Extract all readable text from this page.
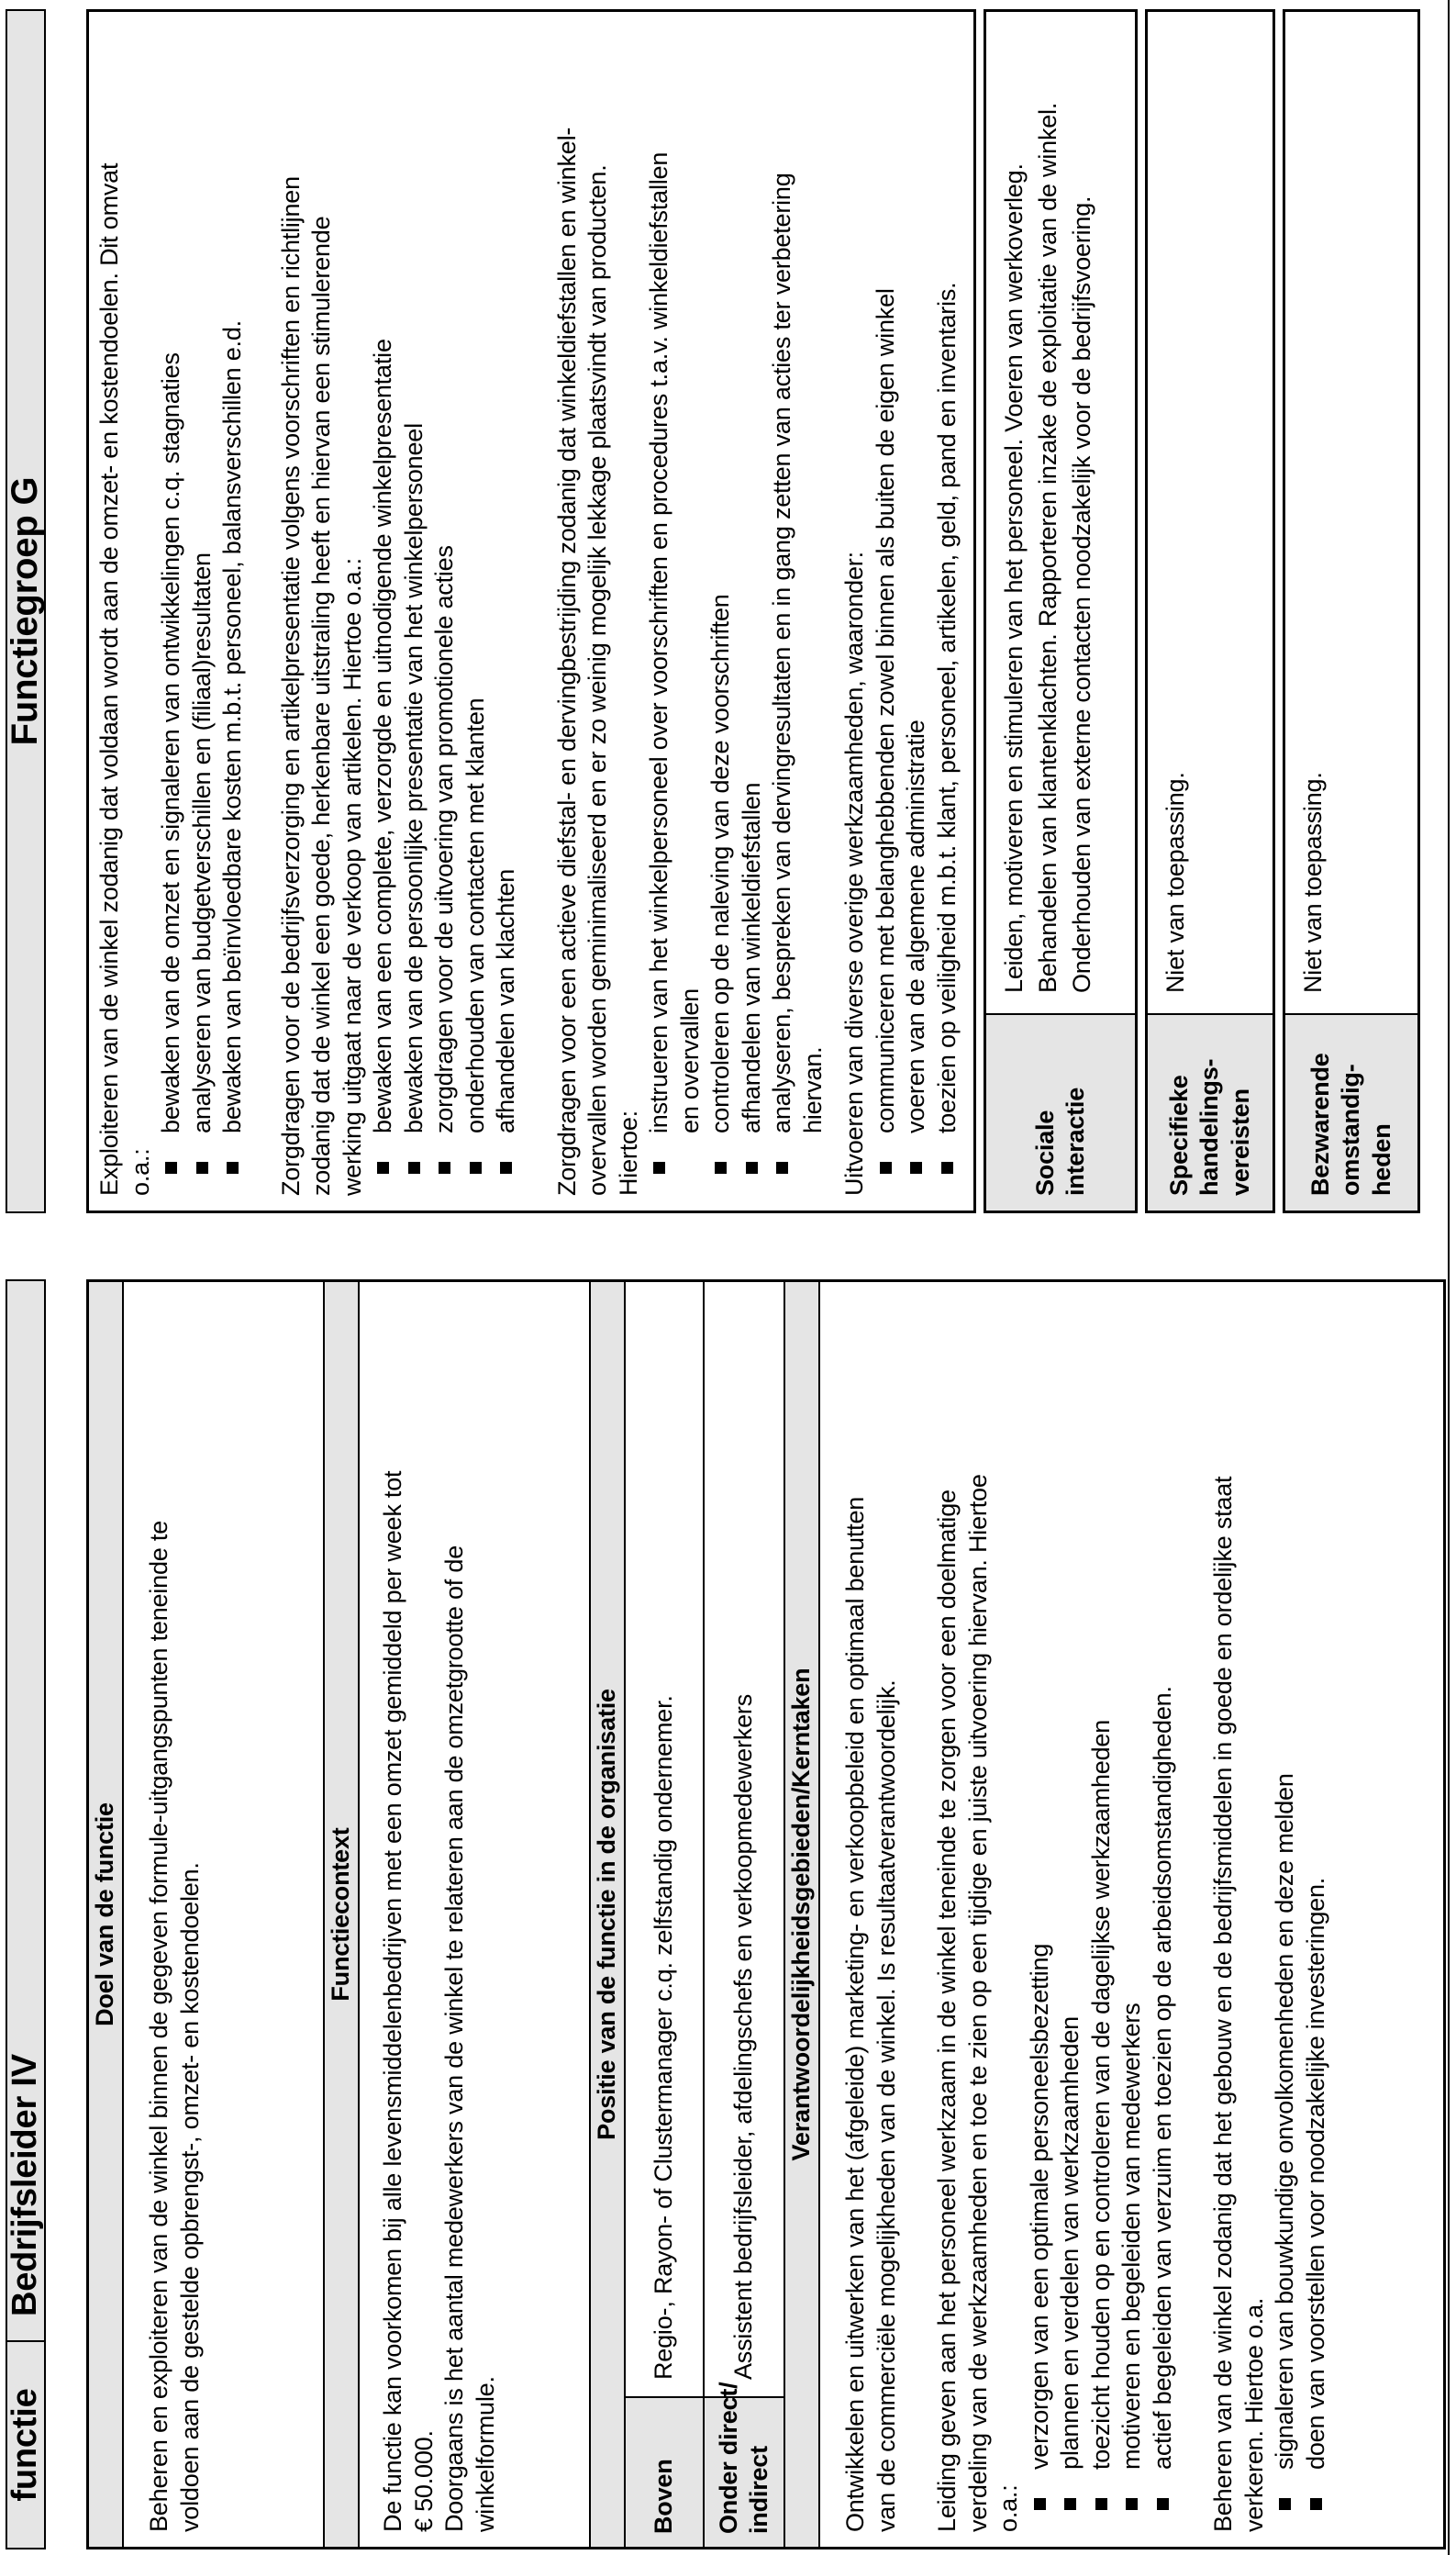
functie
Bedrijfsleider IV
Functiegroep G
Doel van de functie Beheren en exploiteren van de winkel binnen de gegeven formule-uitgangspunten teneinde te voldoen aan de gestelde opbrengst-, omzet- en kostendoelen.	Functiecontext De functie kan voorkomen bij alle levensmiddelenbedrijven met een omzet gemiddeld per week tot € 50.000. Doorgaans is het aantal medewerkers van de winkel te relateren aan de omzetgrootte of de winkelformule.
Positie van de functie in de organisatie
Boven
Regio-, Rayon- of Clustermanager c.q. zelfstandig ondernemer.
Onder direct/ indirect
Assistent bedrijfsleider, afdelingschefs en verkoopmedewerkers	Verantwoordelijkheidsgebieden/Kerntaken Ontwikkelen en uitwerken van het (afgeleide) marketing- en verkoopbeleid en optimaal benutten van de commerciële mogelijkheden van de winkel. Is resultaatverantwoordelijk. Leiding geven aan het personeel werkzaam in de winkel teneinde te zorgen voor een doelmatige verdeling van de werkzaamheden en toe te zien op een tijdige en juiste uitvoering hiervan. Hiertoe o.a.:
verzorgen van een optimale personeelsbezetting plannen en verdelen van werkzaamheden toezicht houden op en controleren van de dagelijkse werkzaamheden motiveren en begeleiden van medewerkers actief begeleiden van verzuim en toezien op de arbeidsomstandigheden. Beheren van de winkel zodanig dat het gebouw en de bedrijfsmiddelen in goede en ordelijke staat verkeren. Hiertoe o.a. signaleren van bouwkundige onvolkomenheden en deze melden doen van voorstellen voor noodzakelijke investeringen.
Exploiteren van de winkel zodanig dat voldaan wordt aan de omzet- en kostendoelen. Dit omvat o.a.:
bewaken van de omzet en signaleren van ontwikkelingen c.q. stagnaties analyseren van budgetverschillen en (filiaal)resultaten bewaken van beïnvloedbare kosten m.b.t. personeel, balansverschillen e.d. Zorgdragen voor de bedrijfsverzorging en artikelpresentatie volgens voorschriften en richtlijnen zodanig dat de winkel een goede, herkenbare uitstraling heeft en hiervan een stimulerende werking uitgaat naar de verkoop van artikelen. Hiertoe o.a.: bewaken van een complete, verzorgde en uitnodigende winkelpresentatie bewaken van de persoonlijke presentatie van het winkelpersoneel zorgdragen voor de uitvoering van promotionele acties onderhouden van contacten met klanten afhandelen van klachten Zorgdragen voor een actieve diefstal- en dervingbestrijding zodanig dat winkeldiefstallen en winkel- overvallen worden geminimaliseerd en er zo weinig mogelijk lekkage plaatsvindt van producten. Hiertoe:
instrueren van het winkelpersoneel over voorschriften en procedures t.a.v. winkeldiefstallen en overvallen controleren op de naleving van deze voorschriften afhandelen van winkeldiefstallen analyseren, bespreken van dervingresultaten en in gang zetten van acties ter verbetering hiervan. Uitvoeren van diverse overige werkzaamheden, waaronder: communiceren met belanghebbenden zowel binnen als buiten de eigen winkel voeren van de algemene administratie toezien op veiligheid m.b.t. klant, personeel, artikelen, geld, pand en inventaris.
Sociale interactie
Leiden, motiveren en stimuleren van het personeel. Voeren van werkoverleg. Behandelen van klantenklachten. Rapporteren inzake de exploitatie van de winkel. Onderhouden van externe contacten noodzakelijk voor de bedrijfsvoering.
Specifieke handelings- vereisten
Niet van toepassing.
Bezwarende omstandig- heden
Niet van toepassing.
